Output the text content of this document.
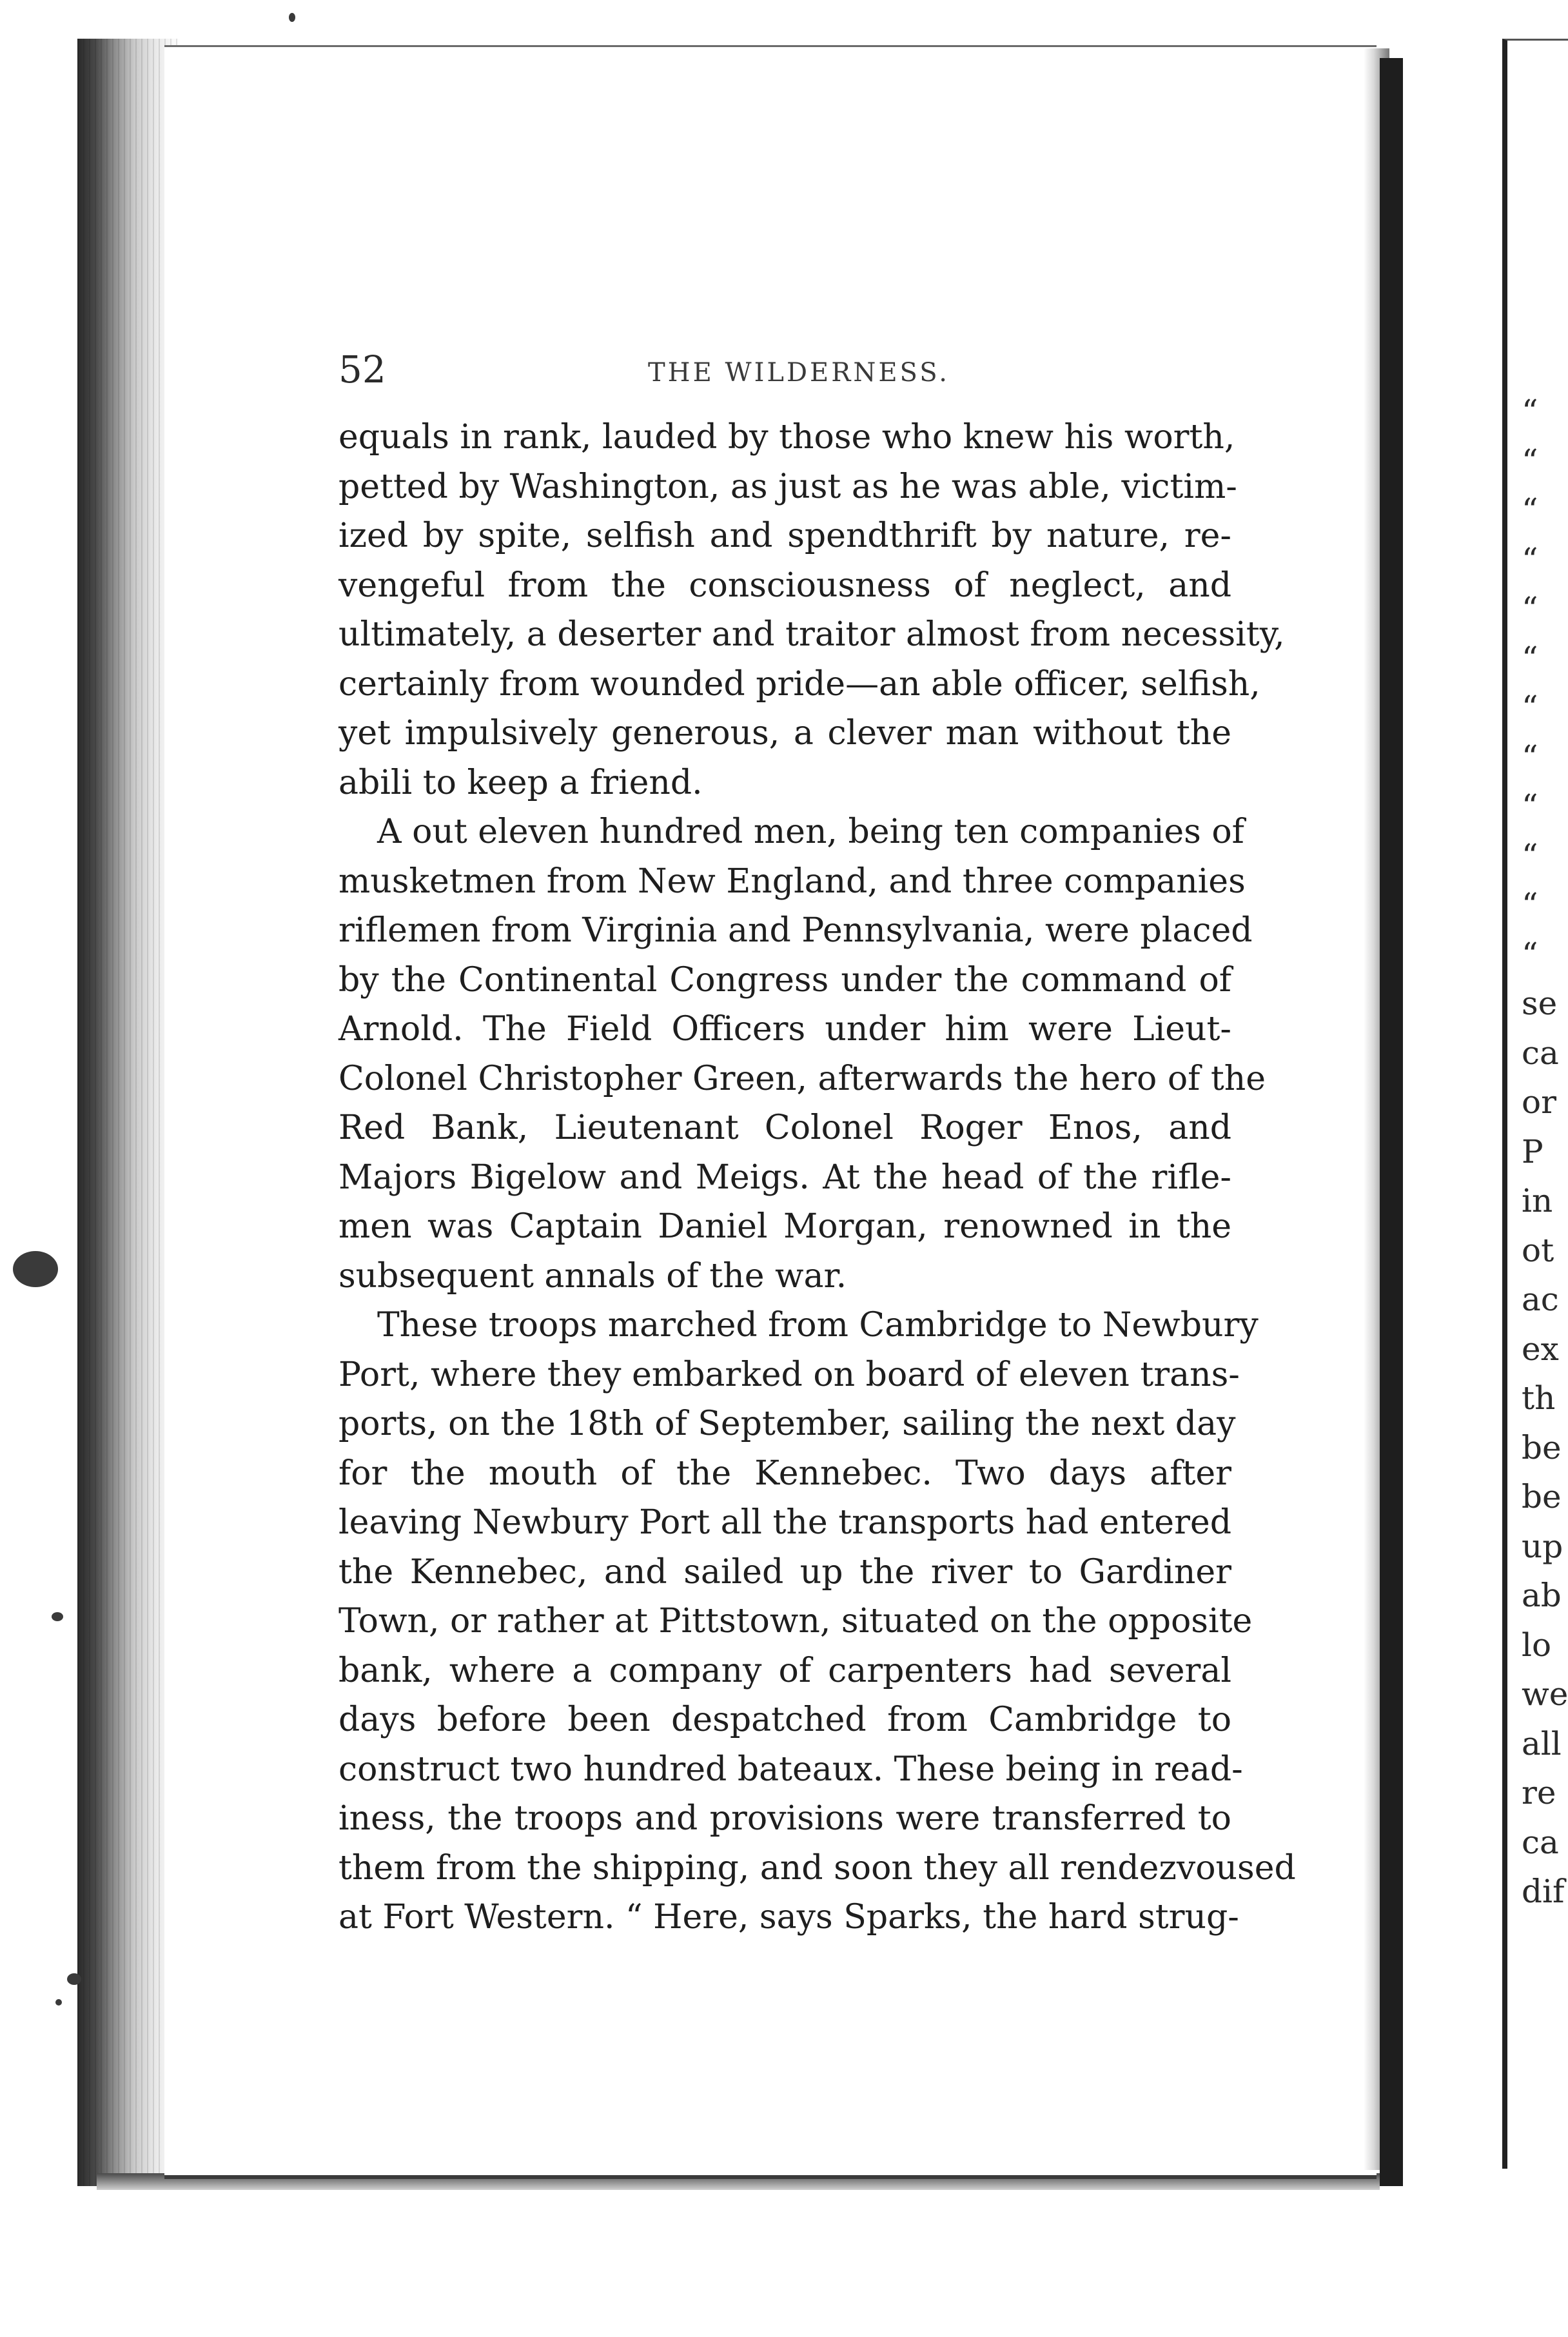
52	THE WILDERNESS.
equals in rank, lauded by those who knew his worth,
petted by Washington, as just as he was able, victim-
ized by spite, selfish and spendthrift by nature, re-
vengeful from the consciousness of neglect, and
ultimately, a deserter and traitor almost from necessity,
certainly from wounded pride—an able officer, selfish,
yet impulsively generous, a clever man without the
abili to keep a friend.
A out eleven hundred men, being ten companies of
musketmen from New England, and three companies
riflemen from Virginia and Pennsylvania, were placed
by the Continental Congress under the command of
Arnold. The Field Officers under him were Lieut-
Colonel Christopher Green, afterwards the hero of the
Red Bank, Lieutenant Colonel Roger Enos, and
Majors Bigelow and Meigs. At the head of the rifle-
men was Captain Daniel Morgan, renowned in the
subsequent annals of the war.
These troops marched from Cambridge to Newbury
Port, where they embarked on board of eleven trans-
ports, on the 18th of September, sailing the next day
for the mouth of the Kennebec. Two days after
leaving Newbury Port all the transports had entered
the Kennebec, and sailed up the river to Gardiner
Town, or rather at Pittstown, situated on the opposite
bank, where a company of carpenters had several
days before been despatched from Cambridge to
construct two hundred bateaux. These being in read-
iness, the troops and provisions were transferred to
them from the shipping, and soon they all rendezvoused
at Fort Western. “ Here, says Sparks, the hard strug-
“
“
“
“
“
“
“
“
“
“
“
“
se
ca
or
P
in
ot
ac
ex
th
be
be
up
ab
lo
we
all
re
ca
dif
